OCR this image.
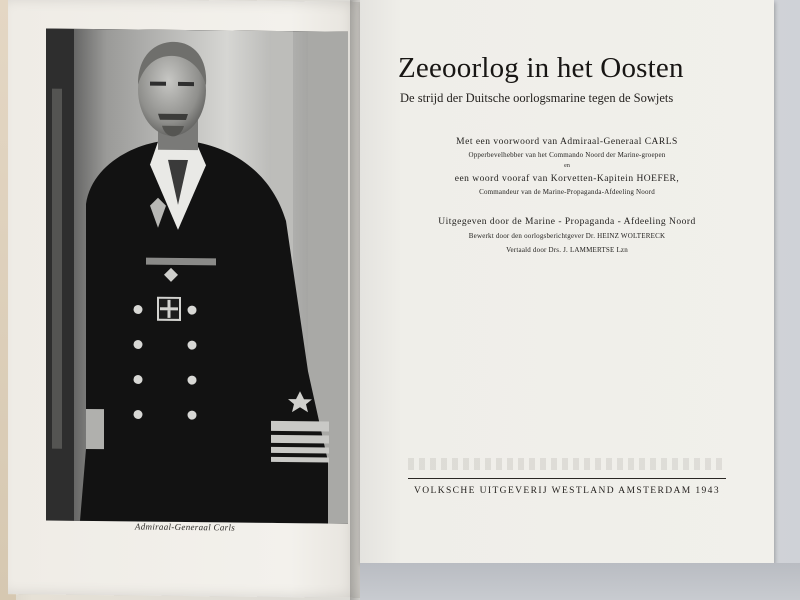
Admiraal-Generaal Carls
Zeeoorlog in het Oosten
De strijd der Duitsche oorlogsmarine tegen de Sowjets
Met een voorwoord van Admiraal-Generaal CARLS
Opperbevelhebber van het Commando Noord der Marine-groepen
en
een woord vooraf van Korvetten-Kapitein HOEFER,
Commandeur van de Marine-Propaganda-Afdeeling Noord
Uitgegeven door de Marine - Propaganda - Afdeeling Noord
Bewerkt door den oorlogsberichtgever Dr. HEINZ WOLTERECK
Vertaald door Drs. J. LAMMERTSE Lzn
VOLKSCHE UITGEVERIJ WESTLAND AMSTERDAM 1943
